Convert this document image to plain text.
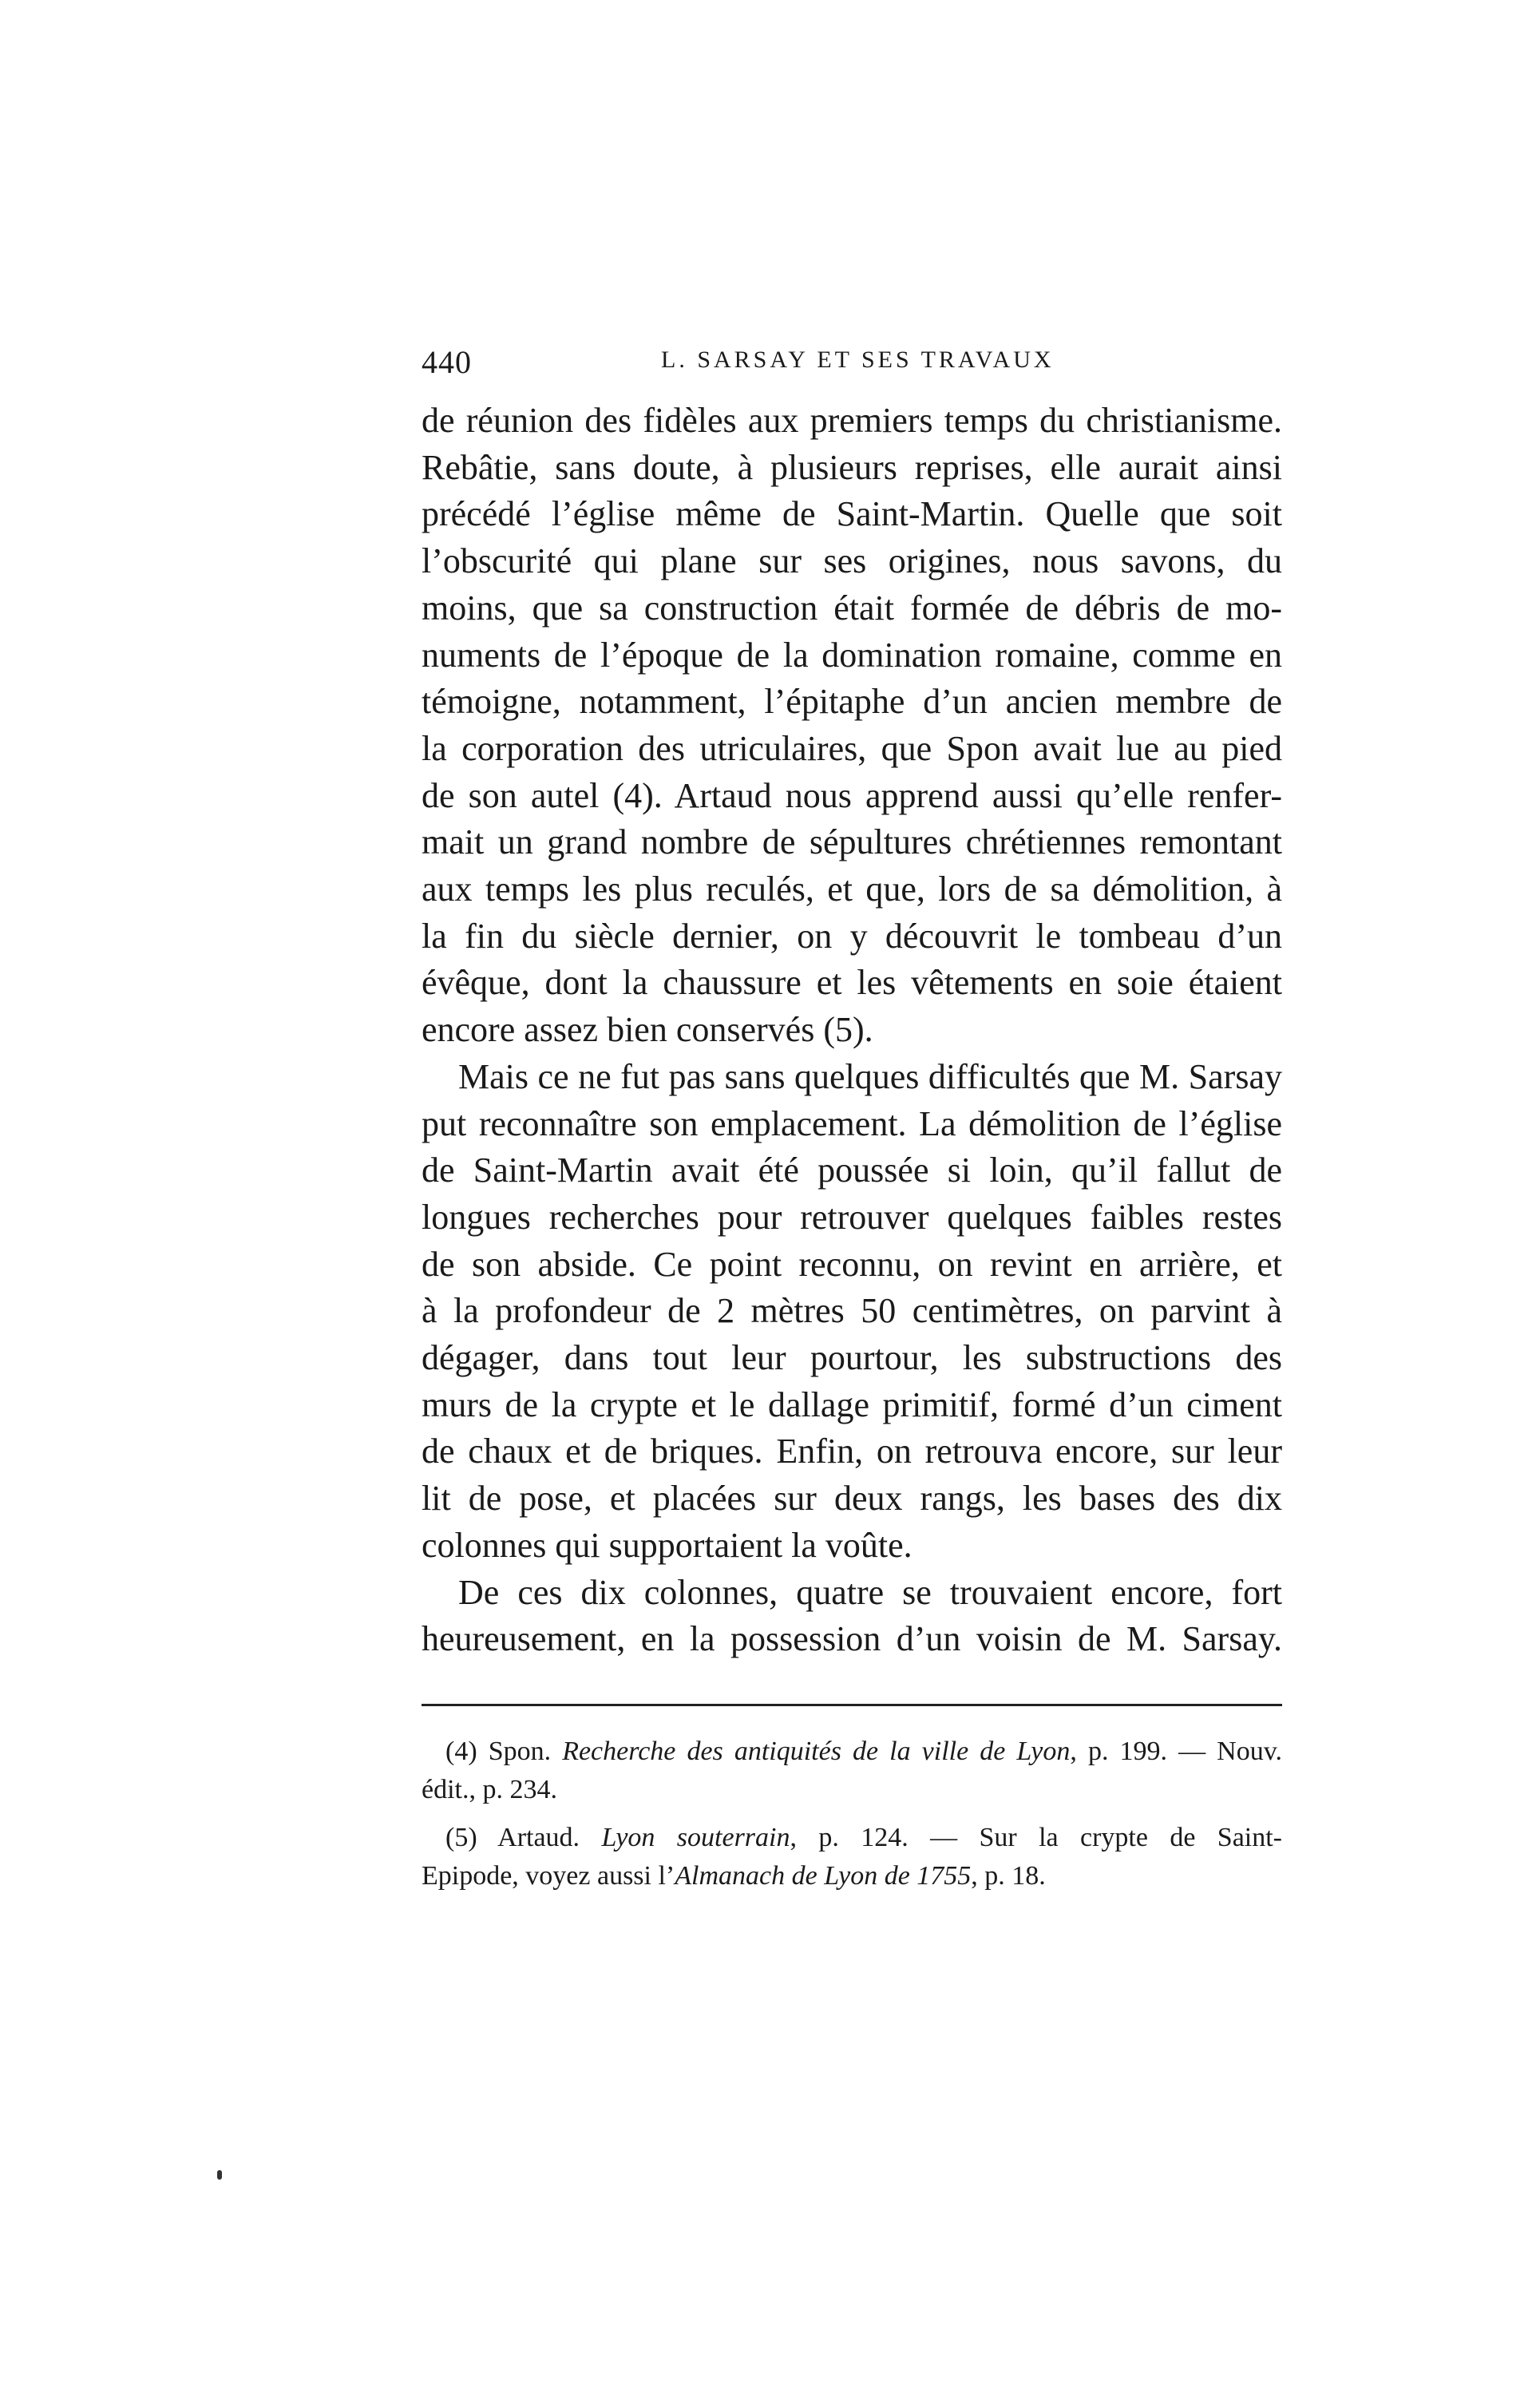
440	L. SARSAY ET SES TRAVAUX
de réunion des fidèles aux premiers temps du christianisme.
Rebâtie, sans doute, à plusieurs reprises, elle aurait ainsi
précédé l’église même de Saint-Martin. Quelle que soit
l’obscurité qui plane sur ses origines, nous savons, du
moins, que sa construction était formée de débris de mo-
numents de l’époque de la domination romaine, comme en
témoigne, notamment, l’épitaphe d’un ancien membre de
la corporation des utriculaires, que Spon avait lue au pied
de son autel (4). Artaud nous apprend aussi qu’elle renfer-
mait un grand nombre de sépultures chrétiennes remontant
aux temps les plus reculés, et que, lors de sa démolition, à
la fin du siècle dernier, on y découvrit le tombeau d’un
évêque, dont la chaussure et les vêtements en soie étaient
encore assez bien conservés (5).
Mais ce ne fut pas sans quelques difficultés que M. Sarsay
put reconnaître son emplacement. La démolition de l’église
de Saint-Martin avait été poussée si loin, qu’il fallut de
longues recherches pour retrouver quelques faibles restes
de son abside. Ce point reconnu, on revint en arrière, et
à la profondeur de 2 mètres 50 centimètres, on parvint à
dégager, dans tout leur pourtour, les substructions des
murs de la crypte et le dallage primitif, formé d’un ciment
de chaux et de briques. Enfin, on retrouva encore, sur leur
lit de pose, et placées sur deux rangs, les bases des dix
colonnes qui supportaient la voûte.
De ces dix colonnes, quatre se trouvaient encore, fort
heureusement, en la possession d’un voisin de M. Sarsay.
(4) Spon. Recherche des antiquités de la ville de Lyon, p. 199. — Nouv.
édit., p. 234.
(5) Artaud. Lyon souterrain, p. 124. — Sur la crypte de Saint-
Epipode, voyez aussi l’Almanach de Lyon de 1755, p. 18.
